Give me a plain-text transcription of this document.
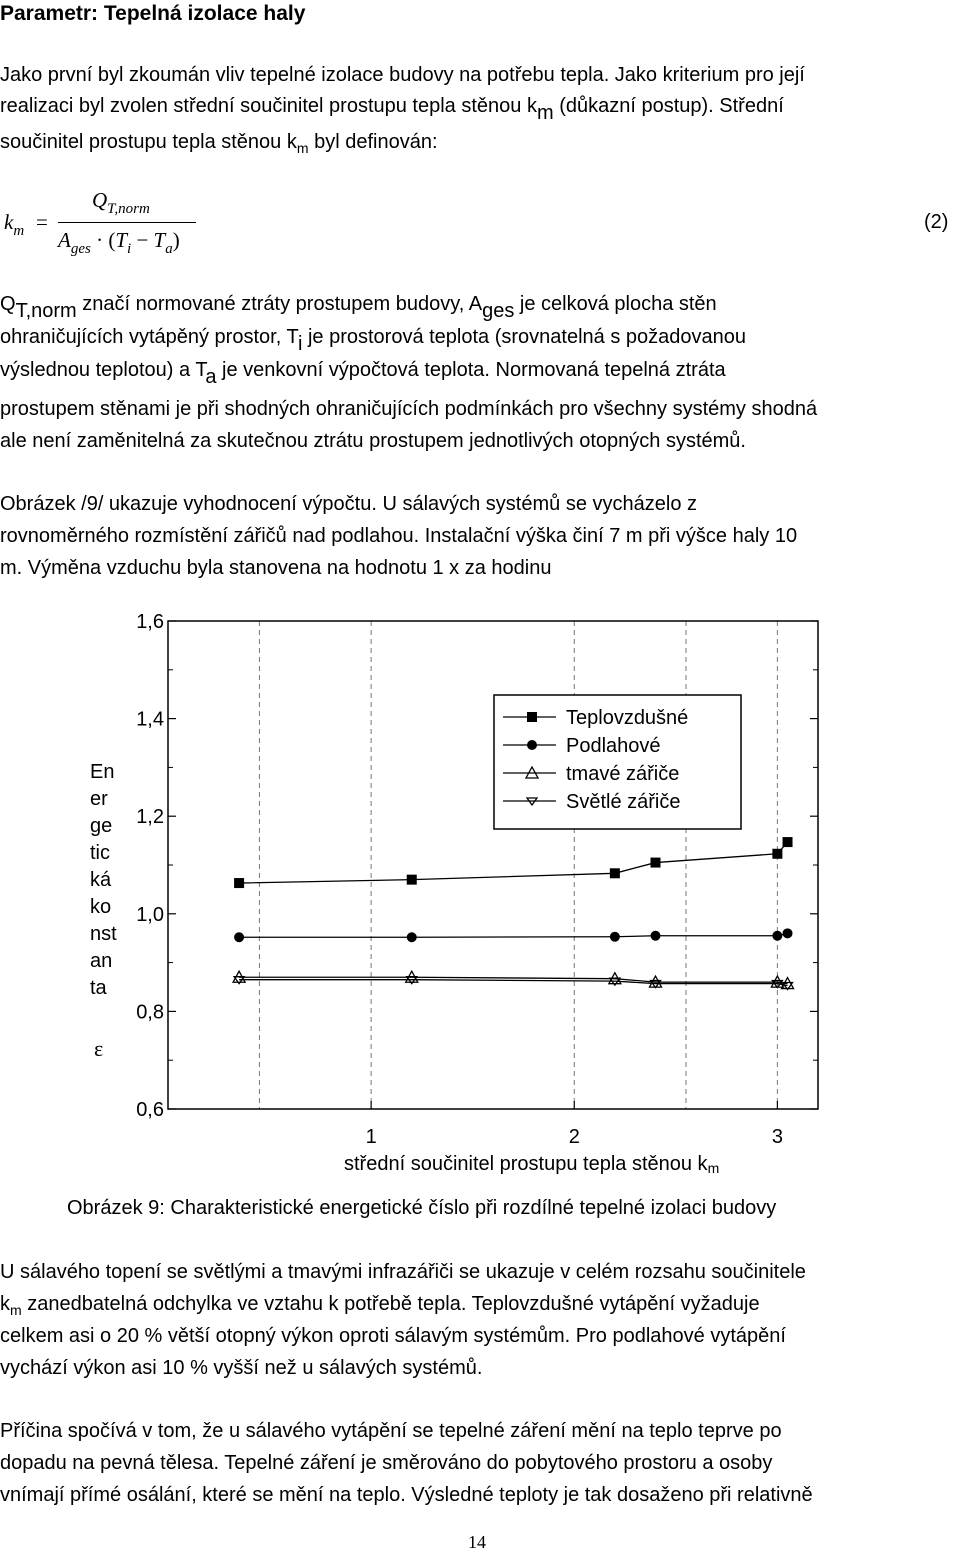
Parametr: Tepelná izolace haly
Jako první byl zkoumán vliv tepelné izolace budovy na potřebu tepla. Jako kriterium pro její
realizaci byl zvolen střední součinitel prostupu tepla stěnou km (důkazní postup). Střední
součinitel prostupu tepla stěnou $k_m$ byl definován:
$k_m$ =
$Q_{T,norm}$
$A_{ges} \cdot (T_i - T_a)$
(2)
QT,norm značí normované ztráty prostupem budovy, Ages je celková plocha stěn
ohraničujících vytápěný prostor, Ti je prostorová teplota (srovnatelná s požadovanou
výslednou teplotou) a Ta je venkovní výpočtová teplota. Normovaná tepelná ztráta
prostupem stěnami je při shodných ohraničujících podmínkách pro všechny systémy shodná
ale není zaměnitelná za skutečnou ztrátu prostupem jednotlivých otopných systémů.
Obrázek /9/ ukazuje vyhodnocení výpočtu. U sálavých systémů se vycházelo z
rovnoměrného rozmístění zářičů nad podlahou. Instalační výška činí 7 m při výšce haly 10
m. Výměna vzduchu byla stanovena na hodnotu 1 x za hodinu
En
er
ge
tic
ká
ko
nst
an
ta
ε
1,6
1,4
1,2
1,0
0,8
0,6
1	2	3
Teplovzdušné
Podlahové
tmavé zářiče
Světlé zářiče
střední součinitel prostupu tepla stěnou km
Obrázek 9: Charakteristické energetické číslo při rozdílné tepelné izolaci budovy
U sálavého topení se světlými a tmavými infrazářiči se ukazuje v celém rozsahu součinitele
$k_m$ zanedbatelná odchylka ve vztahu k potřebě tepla. Teplovzdušné vytápění vyžaduje
celkem asi o 20 % větší otopný výkon oproti sálavým systémům. Pro podlahové vytápění
vychází výkon asi 10 % vyšší než u sálavých systémů.
Příčina spočívá v tom, že u sálavého vytápění se tepelné záření mění na teplo teprve po
dopadu na pevná tělesa. Tepelné záření je směrováno do pobytového prostoru a osoby
vnímají přímé osálání, které se mění na teplo. Výsledné teploty je tak dosaženo při relativně
14
